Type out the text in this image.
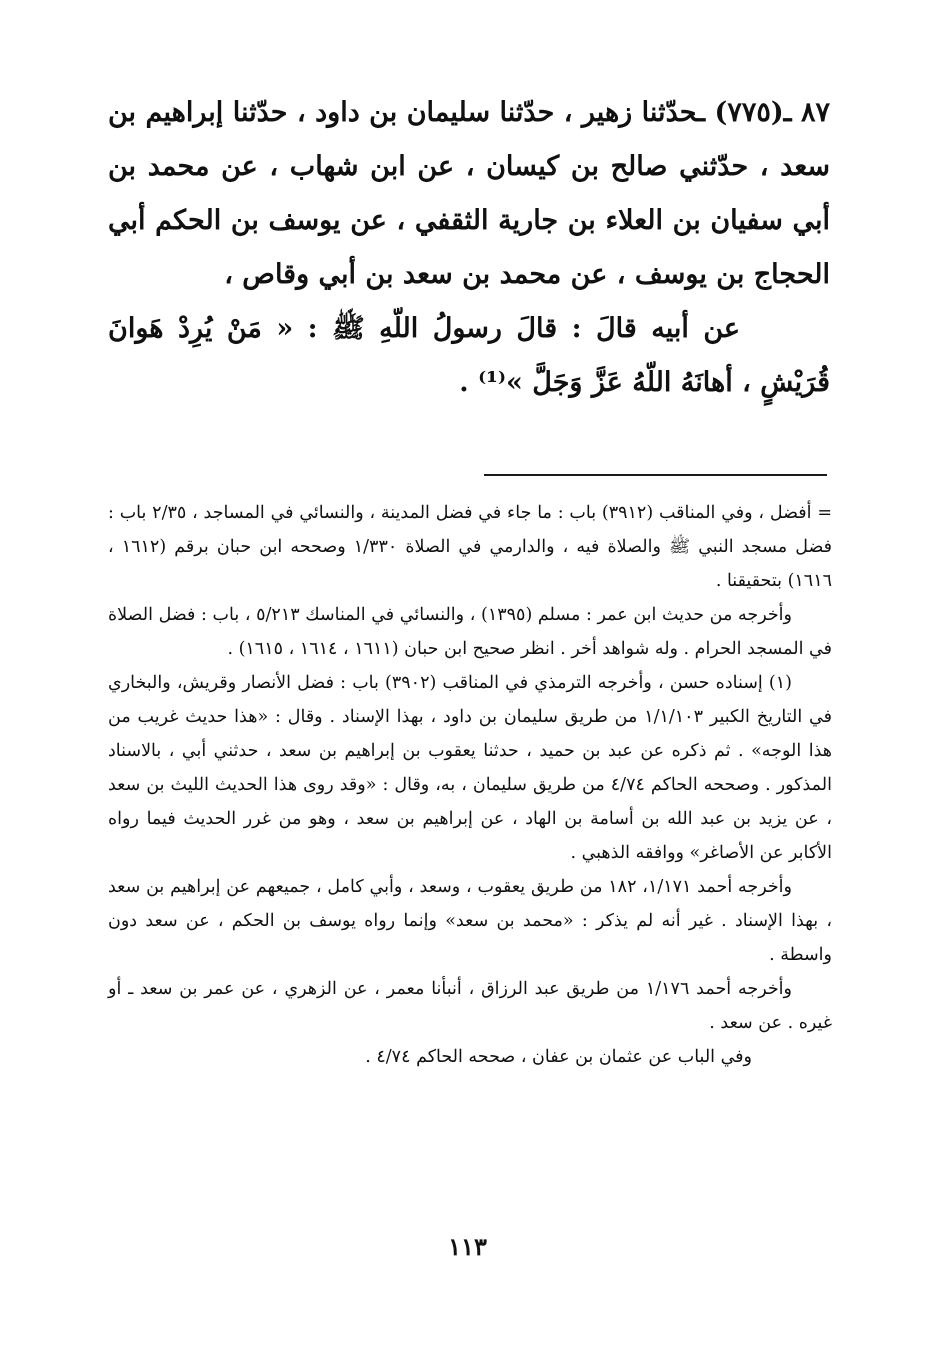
٨٧ ـ(٧٧٥) ـحدّثنا زهير ، حدّثنا سليمان بن داود ، حدّثنا إبراهيم بن سعد ، حدّثني صالح بن كيسان ، عن ابن شهاب ، عن محمد بن أبي سفيان بن العلاء بن جارية الثقفي ، عن يوسف بن الحكم أبي الحجاج بن يوسف ، عن محمد بن سعد بن أبي وقاص ،

عن أبيه قالَ : قالَ رسولُ اللّهِ ﷺ : « مَنْ يُرِدْ هَوانَ قُرَيْشٍ ، أهانَهُ اللّهُ عَزَّ وَجَلَّ »⁽¹⁾ .

= أفضل ، وفي المناقب (٣٩١٢) باب : ما جاء في فضل المدينة ، والنسائي في المساجد ، ٢/٣٥ باب : فضل مسجد النبي ﷺ والصلاة فيه ، والدارمي في الصلاة ١/٣٣٠ وصححه ابن حبان برقم (١٦١٢ ، ١٦١٦) بتحقيقنا .

وأخرجه من حديث ابن عمر : مسلم (١٣٩٥) ، والنسائي في المناسك ٥/٢١٣ ، باب : فضل الصلاة في المسجد الحرام . وله شواهد أخر . انظر صحيح ابن حبان (١٦١١ ، ١٦١٤ ، ١٦١٥) .

(١) إسناده حسن ، وأخرجه الترمذي في المناقب (٣٩٠٢) باب : فضل الأنصار وقريش، والبخاري في التاريخ الكبير ١/١/١٠٣ من طريق سليمان بن داود ، بهذا الإسناد . وقال : «هذا حديث غريب من هذا الوجه» . ثم ذكره عن عبد بن حميد ، حدثنا يعقوب بن إبراهيم بن سعد ، حدثني أبي ، بالاسناد المذكور . وصححه الحاكم ٤/٧٤ من طريق سليمان ، به، وقال : «وقد روى هذا الحديث الليث بن سعد ، عن يزيد بن عبد الله بن أسامة بن الهاد ، عن إبراهيم بن سعد ، وهو من غرر الحديث فيما رواه الأكابر عن الأصاغر» ووافقه الذهبي .

وأخرجه أحمد ١/١٧١، ١٨٢ من طريق يعقوب ، وسعد ، وأبي كامل ، جميعهم عن إبراهيم بن سعد ، بهذا الإسناد . غير أنه لم يذكر : «محمد بن سعد» وإنما رواه يوسف بن الحكم ، عن سعد دون واسطة .

وأخرجه أحمد ١/١٧٦ من طريق عبد الرزاق ، أنبأنا معمر ، عن الزهري ، عن عمر بن سعد ـ أو غيره . عن سعد .

وفي الباب عن عثمان بن عفان ، صححه الحاكم ٤/٧٤ .

١١٣
